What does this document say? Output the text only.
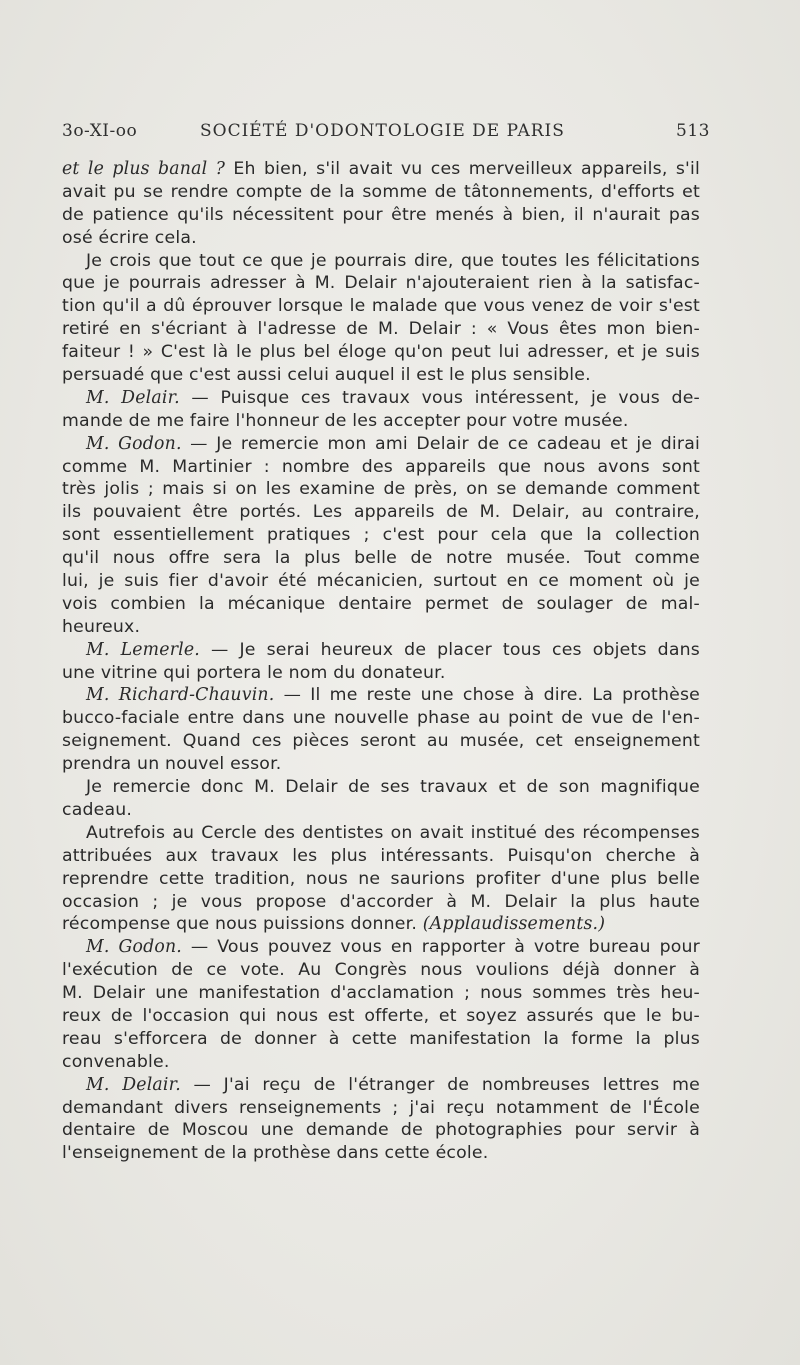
3o-XI-oo	SOCIÉTÉ D'ODONTOLOGIE DE PARIS	513
et le plus banal ? Eh bien, s'il avait vu ces merveilleux appareils, s'il
avait pu se rendre compte de la somme de tâtonnements, d'efforts et
de patience qu'ils nécessitent pour être menés à bien, il n'aurait pas
osé écrire cela.
Je crois que tout ce que je pourrais dire, que toutes les félicitations
que je pourrais adresser à M. Delair n'ajouteraient rien à la satisfac-
tion qu'il a dû éprouver lorsque le malade que vous venez de voir s'est
retiré en s'écriant à l'adresse de M. Delair : « Vous êtes mon bien-
faiteur ! » C'est là le plus bel éloge qu'on peut lui adresser, et je suis
persuadé que c'est aussi celui auquel il est le plus sensible.
M. Delair. — Puisque ces travaux vous intéressent, je vous de-
mande de me faire l'honneur de les accepter pour votre musée.
M. Godon. — Je remercie mon ami Delair de ce cadeau et je dirai
comme M. Martinier : nombre des appareils que nous avons sont
très jolis ; mais si on les examine de près, on se demande comment
ils pouvaient être portés. Les appareils de M. Delair, au contraire,
sont essentiellement pratiques ; c'est pour cela que la collection
qu'il nous offre sera la plus belle de notre musée. Tout comme
lui, je suis fier d'avoir été mécanicien, surtout en ce moment où je
vois combien la mécanique dentaire permet de soulager de mal-
heureux.
M. Lemerle. — Je serai heureux de placer tous ces objets dans
une vitrine qui portera le nom du donateur.
M. Richard-Chauvin. — Il me reste une chose à dire. La prothèse
bucco-faciale entre dans une nouvelle phase au point de vue de l'en-
seignement. Quand ces pièces seront au musée, cet enseignement
prendra un nouvel essor.
Je remercie donc M. Delair de ses travaux et de son magnifique
cadeau.
Autrefois au Cercle des dentistes on avait institué des récompenses
attribuées aux travaux les plus intéressants. Puisqu'on cherche à
reprendre cette tradition, nous ne saurions profiter d'une plus belle
occasion ; je vous propose d'accorder à M. Delair la plus haute
récompense que nous puissions donner. (Applaudissements.)
M. Godon. — Vous pouvez vous en rapporter à votre bureau pour
l'exécution de ce vote. Au Congrès nous voulions déjà donner à
M. Delair une manifestation d'acclamation ; nous sommes très heu-
reux de l'occasion qui nous est offerte, et soyez assurés que le bu-
reau s'efforcera de donner à cette manifestation la forme la plus
convenable.
M. Delair. — J'ai reçu de l'étranger de nombreuses lettres me
demandant divers renseignements ; j'ai reçu notamment de l'École
dentaire de Moscou une demande de photographies pour servir à
l'enseignement de la prothèse dans cette école.
